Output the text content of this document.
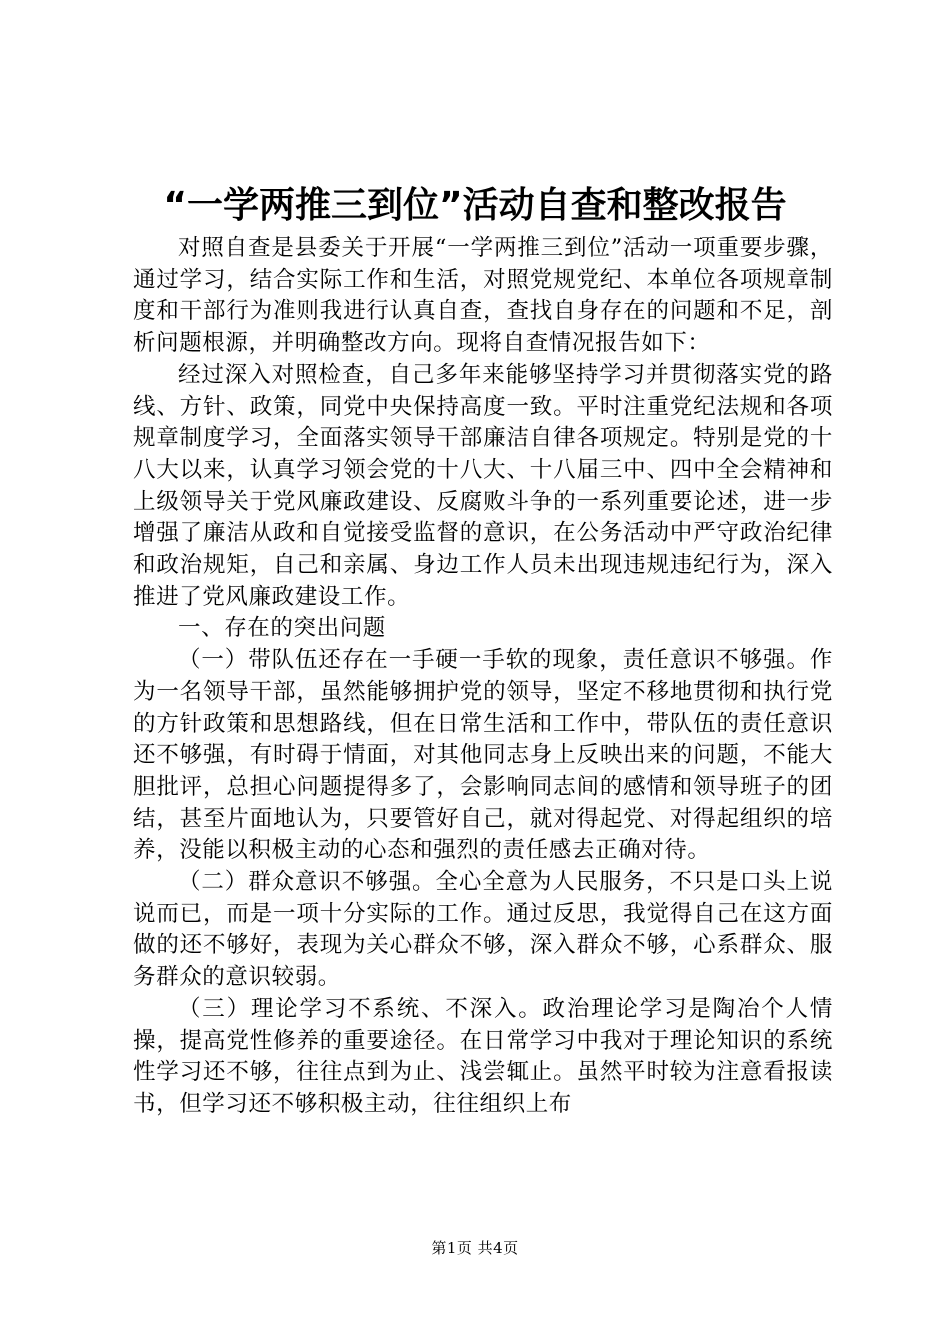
“一学两推三到位”活动自查和整改报告

对照自查是县委关于开展“一学两推三到位”活动一项重要步骤，通过学习，结合实际工作和生活，对照党规党纪、本单位各项规章制度和干部行为准则我进行认真自查，查找自身存在的问题和不足，剖析问题根源，并明确整改方向。现将自查情况报告如下：

经过深入对照检查，自己多年来能够坚持学习并贯彻落实党的路线、方针、政策，同党中央保持高度一致。平时注重党纪法规和各项规章制度学习，全面落实领导干部廉洁自律各项规定。特别是党的十八大以来，认真学习领会党的十八大、十八届三中、四中全会精神和上级领导关于党风廉政建设、反腐败斗争的一系列重要论述，进一步增强了廉洁从政和自觉接受监督的意识，在公务活动中严守政治纪律和政治规矩，自己和亲属、身边工作人员未出现违规违纪行为，深入推进了党风廉政建设工作。

一、存在的突出问题

（一）带队伍还存在一手硬一手软的现象，责任意识不够强。作为一名领导干部，虽然能够拥护党的领导，坚定不移地贯彻和执行党的方针政策和思想路线，但在日常生活和工作中，带队伍的责任意识还不够强，有时碍于情面，对其他同志身上反映出来的问题，不能大胆批评，总担心问题提得多了，会影响同志间的感情和领导班子的团结，甚至片面地认为，只要管好自己，就对得起党、对得起组织的培养，没能以积极主动的心态和强烈的责任感去正确对待。

（二）群众意识不够强。全心全意为人民服务，不只是口头上说说而已，而是一项十分实际的工作。通过反思，我觉得自己在这方面做的还不够好，表现为关心群众不够，深入群众不够，心系群众、服务群众的意识较弱。

（三）理论学习不系统、不深入。政治理论学习是陶冶个人情操，提高党性修养的重要途径。在日常学习中我对于理论知识的系统性学习还不够，往往点到为止、浅尝辄止。虽然平时较为注意看报读书，但学习还不够积极主动，往往组织上布

第1页 共4页
